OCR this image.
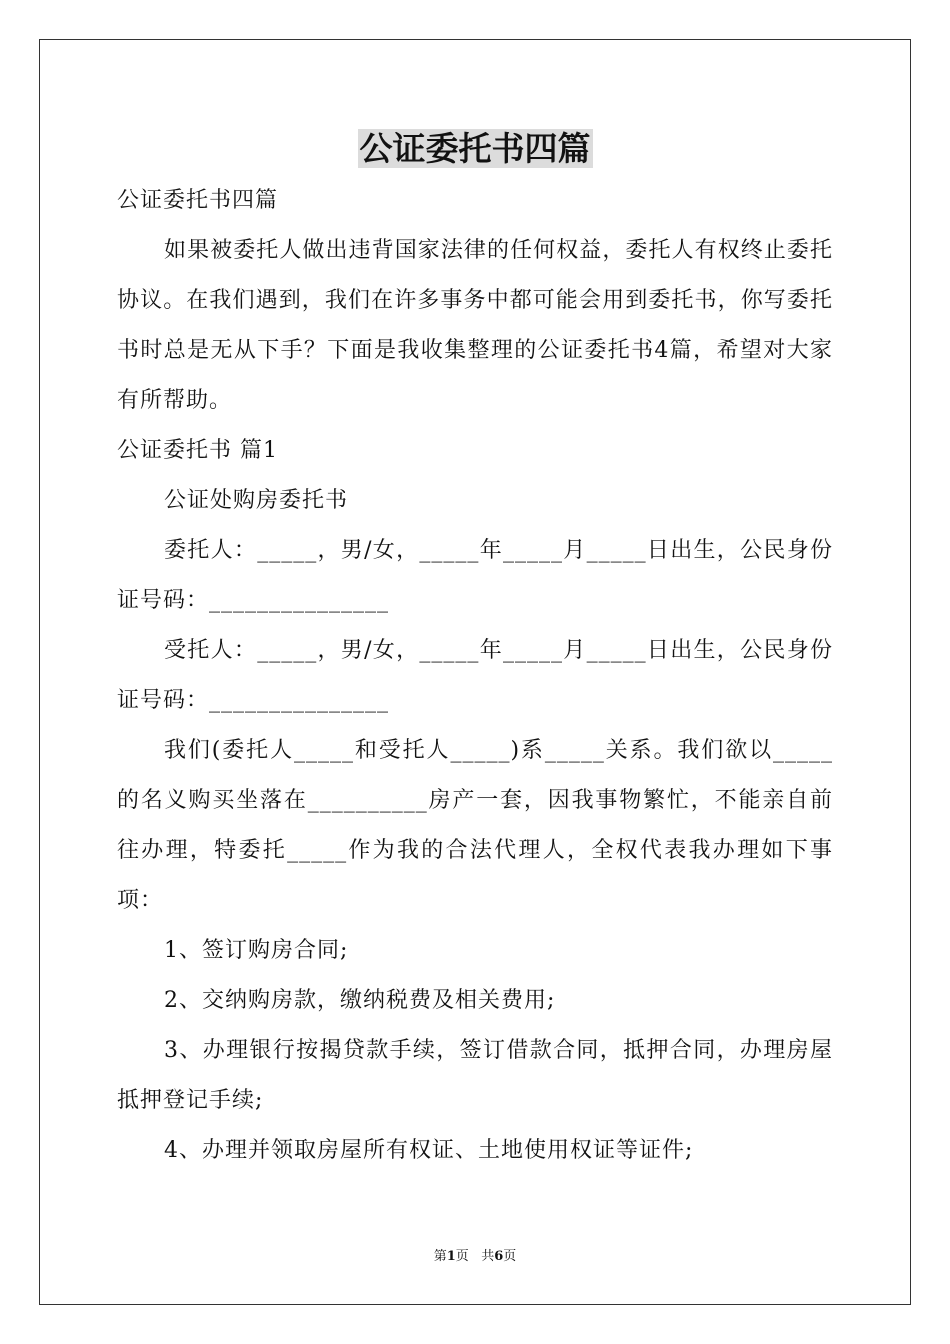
公证委托书四篇

公证委托书四篇

如果被委托人做出违背国家法律的任何权益，委托人有权终止委托协议。在我们遇到，我们在许多事务中都可能会用到委托书，你写委托书时总是无从下手？下面是我收集整理的公证委托书4篇，希望对大家有所帮助。

公证委托书 篇1

公证处购房委托书

委托人：_____，男/女，_____年_____月_____日出生，公民身份证号码：_______________

受托人：_____，男/女，_____年_____月_____日出生，公民身份证号码：_______________

我们(委托人_____和受托人_____)系_____关系。我们欲以_____的名义购买坐落在__________房产一套，因我事物繁忙，不能亲自前往办理，特委托_____作为我的合法代理人，全权代表我办理如下事项：

1、签订购房合同;

2、交纳购房款，缴纳税费及相关费用;

3、办理银行按揭贷款手续，签订借款合同，抵押合同，办理房屋抵押登记手续;

4、办理并领取房屋所有权证、土地使用权证等证件;

第1页 共6页
